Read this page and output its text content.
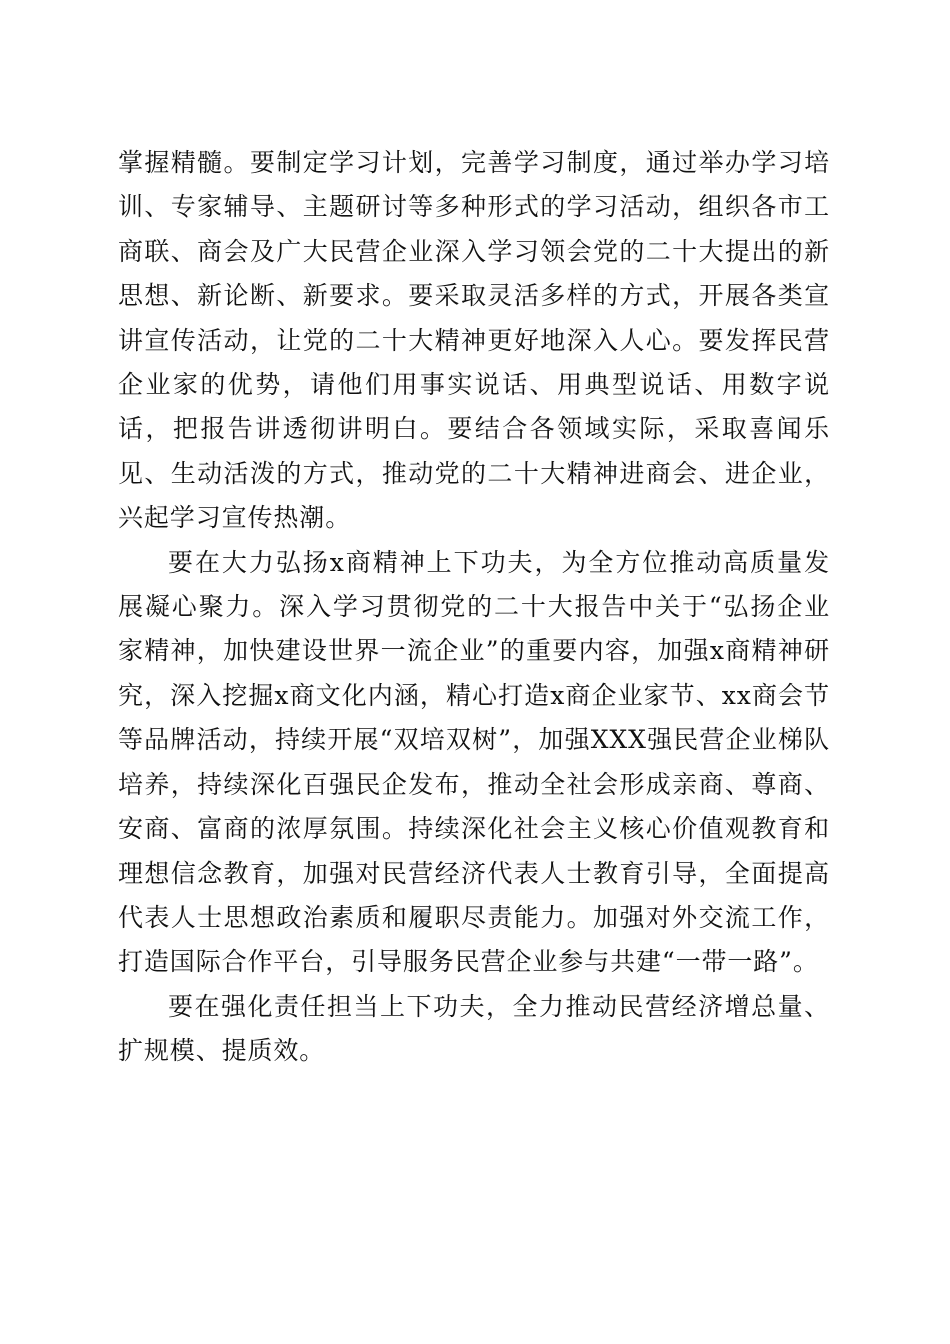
掌握精髓。要制定学习计划，完善学习制度，通过举办学习培训、专家辅导、主题研讨等多种形式的学习活动，组织各市工商联、商会及广大民营企业深入学习领会党的二十大提出的新思想、新论断、新要求。要采取灵活多样的方式，开展各类宣讲宣传活动，让党的二十大精神更好地深入人心。要发挥民营企业家的优势，请他们用事实说话、用典型说话、用数字说话，把报告讲透彻讲明白。要结合各领域实际，采取喜闻乐见、生动活泼的方式，推动党的二十大精神进商会、进企业，兴起学习宣传热潮。

要在大力弘扬x商精神上下功夫，为全方位推动高质量发展凝心聚力。深入学习贯彻党的二十大报告中关于“弘扬企业家精神，加快建设世界一流企业”的重要内容，加强x商精神研究，深入挖掘x商文化内涵，精心打造x商企业家节、xx商会节等品牌活动，持续开展“双培双树”，加强XXX强民营企业梯队培养，持续深化百强民企发布，推动全社会形成亲商、尊商、安商、富商的浓厚氛围。持续深化社会主义核心价值观教育和理想信念教育，加强对民营经济代表人士教育引导，全面提高代表人士思想政治素质和履职尽责能力。加强对外交流工作，打造国际合作平台，引导服务民营企业参与共建“一带一路”。

要在强化责任担当上下功夫，全力推动民营经济增总量、扩规模、提质效。
